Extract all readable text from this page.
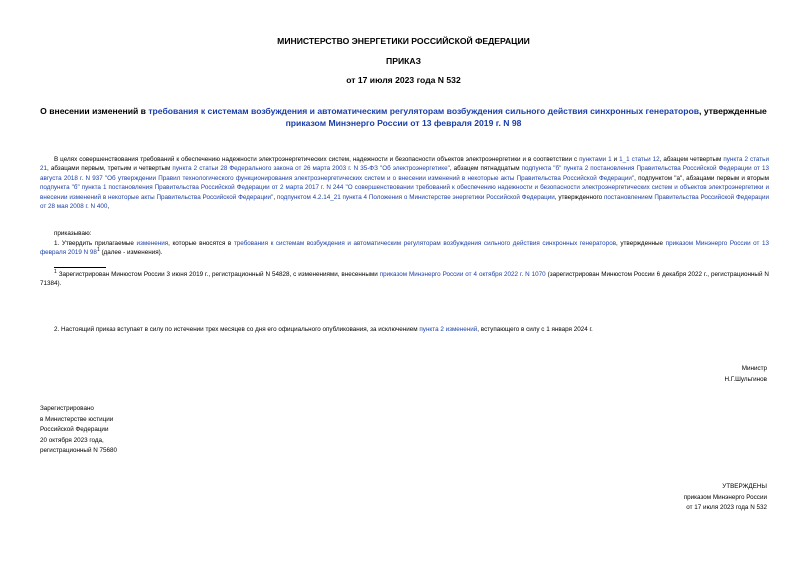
МИНИСТЕРСТВО ЭНЕРГЕТИКИ РОССИЙСКОЙ ФЕДЕРАЦИИ
ПРИКАЗ
от 17 июля 2023 года N 532
О внесении изменений в требования к системам возбуждения и автоматическим регуляторам возбуждения сильного действия синхронных генераторов, утвержденные приказом Минэнерго России от 13 февраля 2019 г. N 98
В целях совершенствования требований к обеспечению надежности электроэнергетических систем, надежности и безопасности объектов электроэнергетики и в соответствии с пунктами 1 и 1_1 статьи 12, абзацем четвертым пункта 2 статьи 21, абзацами первым, третьим и четвертым пункта 2 статьи 28 Федерального закона от 26 марта 2003 г. N 35-ФЗ "Об электроэнергетике", абзацем пятнадцатым подпункта "б" пункта 2 постановления Правительства Российской Федерации от 13 августа 2018 г. N 937 "Об утверждении Правил технологического функционирования электроэнергетических систем и о внесении изменений в некоторые акты Правительства Российской Федерации", подпунктом "а", абзацами первым и вторым подпункта "б" пункта 1 постановления Правительства Российской Федерации от 2 марта 2017 г. N 244 "О совершенствовании требований к обеспечению надежности и безопасности электроэнергетических систем и объектов электроэнергетики и внесении изменений в некоторые акты Правительства Российской Федерации", подпунктом 4.2.14_21 пункта 4 Положения о Министерстве энергетики Российской Федерации, утвержденного постановлением Правительства Российской Федерации от 28 мая 2008 г. N 400,
приказываю:
1. Утвердить прилагаемые изменения, которые вносятся в требования к системам возбуждения и автоматическим регуляторам возбуждения сильного действия синхронных генераторов, утвержденные приказом Минэнерго России от 13 февраля 2019 N $98^1$ (далее - изменения).
$^1$ Зарегистрирован Минюстом России 3 июня 2019 г., регистрационный N 54828, с изменениями, внесенными приказом Минэнерго России от 4 октября 2022 г. N 1070 (зарегистрирован Минюстом России 6 декабря 2022 г., регистрационный N 71384).
2. Настоящий приказ вступает в силу по истечении трех месяцев со дня его официального опубликования, за исключением пункта 2 изменений, вступающего в силу с 1 января 2024 г.
Министр
Н.Г.Шульгинов
Зарегистрировано
в Министерстве юстиции
Российской Федерации
20 октября 2023 года,
регистрационный N 75680
УТВЕРЖДЕНЫ
приказом Минэнерго России
от 17 июля 2023 года N 532
